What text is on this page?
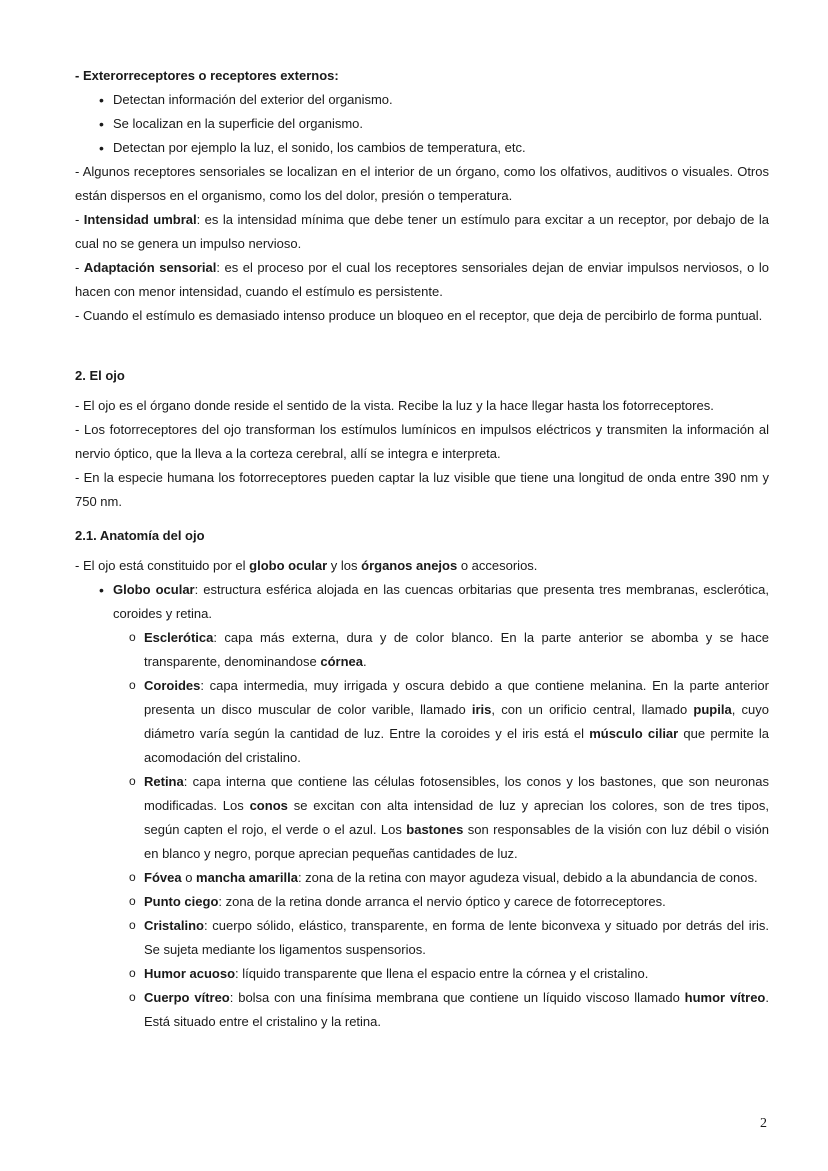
- Exterorreceptores o receptores externos:

• Detectan información del exterior del organismo.
• Se localizan en la superficie del organismo.
• Detectan por ejemplo la luz, el sonido, los cambios de temperatura, etc.

- Algunos receptores sensoriales se localizan en el interior de un órgano, como los olfativos, auditivos o visuales. Otros están dispersos en el organismo, como los del dolor, presión o temperatura.

- Intensidad umbral: es la intensidad mínima que debe tener un estímulo para excitar a un receptor, por debajo de la cual no se genera un impulso nervioso.

- Adaptación sensorial: es el proceso por el cual los receptores sensoriales dejan de enviar impulsos nerviosos, o lo hacen con menor intensidad, cuando el estímulo es persistente.

- Cuando el estímulo es demasiado intenso produce un bloqueo en el receptor, que deja de percibirlo de forma puntual.

2. El ojo

- El ojo es el órgano donde reside el sentido de la vista. Recibe la luz y la hace llegar hasta los fotorreceptores.

- Los fotorreceptores del ojo transforman los estímulos lumínicos en impulsos eléctricos y transmiten la información al nervio óptico, que la lleva a la corteza cerebral, allí se integra e interpreta.

- En la especie humana los fotorreceptores pueden captar la luz visible que tiene una longitud de onda entre 390 nm y 750 nm.

2.1. Anatomía del ojo

- El ojo está constituido por el globo ocular y los órganos anejos o accesorios.

• Globo ocular: estructura esférica alojada en las cuencas orbitarias que presenta tres membranas, esclerótica, coroides y retina.
o Esclerótica: capa más externa, dura y de color blanco. En la parte anterior se abomba y se hace transparente, denominandose córnea.
o Coroides: capa intermedia, muy irrigada y oscura debido a que contiene melanina. En la parte anterior presenta un disco muscular de color varible, llamado iris, con un orificio central, llamado pupila, cuyo diámetro varía según la cantidad de luz. Entre la coroides y el iris está el músculo ciliar que permite la acomodación del cristalino.
o Retina: capa interna que contiene las células fotosensibles, los conos y los bastones, que son neuronas modificadas. Los conos se excitan con alta intensidad de luz y aprecian los colores, son de tres tipos, según capten el rojo, el verde o el azul. Los bastones son responsables de la visión con luz débil o visión en blanco y negro, porque aprecian pequeñas cantidades de luz.
o Fóvea o mancha amarilla: zona de la retina con mayor agudeza visual, debido a la abundancia de conos.
o Punto ciego: zona de la retina donde arranca el nervio óptico y carece de fotorreceptores.
o Cristalino: cuerpo sólido, elástico, transparente, en forma de lente biconvexa y situado por detrás del iris. Se sujeta mediante los ligamentos suspensorios.
o Humor acuoso: líquido transparente que llena el espacio entre la córnea y el cristalino.
o Cuerpo vítreo: bolsa con una finísima membrana que contiene un líquido viscoso llamado humor vítreo. Está situado entre el cristalino y la retina.
2
